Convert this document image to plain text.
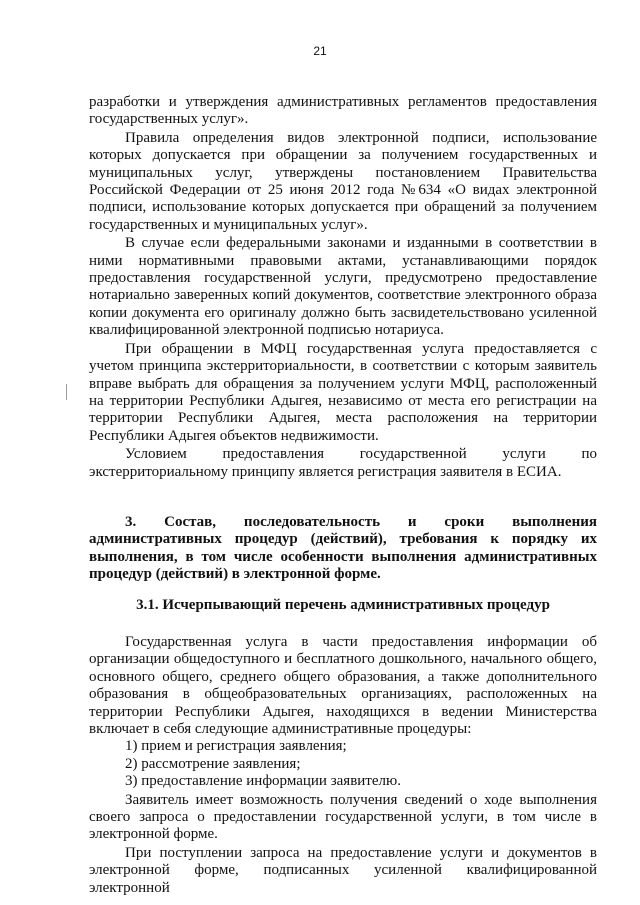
21

разработки и утверждения административных регламентов предоставления государственных услуг».

Правила определения видов электронной подписи, использование которых допускается при обращении за получением государственных и муниципальных услуг, утверждены постановлением Правительства Российской Федерации от 25 июня 2012 года №634 «О видах электронной подписи, использование которых допускается при обращений за получением государственных и муниципальных услуг».

В случае если федеральными законами и изданными в соответствии в ними нормативными правовыми актами, устанавливающими порядок предоставления государственной услуги, предусмотрено предоставление нотариально заверенных копий документов, соответствие электронного образа копии документа его оригиналу должно быть засвидетельствовано усиленной квалифицированной электронной подписью нотариуса.

При обращении в МФЦ государственная услуга предоставляется с учетом принципа экстерриториальности, в соответствии с которым заявитель вправе выбрать для обращения за получением услуги МФЦ, расположенный на территории Республики Адыгея, независимо от места его регистрации на территории Республики Адыгея, места расположения на территории Республики Адыгея объектов недвижимости.

Условием предоставления государственной услуги по экстерриториальному принципу является регистрация заявителя в ЕСИА.

3. Состав, последовательность и сроки выполнения административных процедур (действий), требования к порядку их выполнения, в том числе особенности выполнения административных процедур (действий) в электронной форме.

3.1. Исчерпывающий перечень административных процедур

Государственная услуга в части предоставления информации об организации общедоступного и бесплатного дошкольного, начального общего, основного общего, среднего общего образования, а также дополнительного образования в общеобразовательных организациях, расположенных на территории Республики Адыгея, находящихся в ведении Министерства включает в себя следующие административные процедуры:

1) прием и регистрация заявления;

2) рассмотрение заявления;

3) предоставление информации заявителю.

Заявитель имеет возможность получения сведений о ходе выполнения своего запроса о предоставлении государственной услуги, в том числе в электронной форме.

При поступлении запроса на предоставление услуги и документов в электронной форме, подписанных усиленной квалифицированной электронной
